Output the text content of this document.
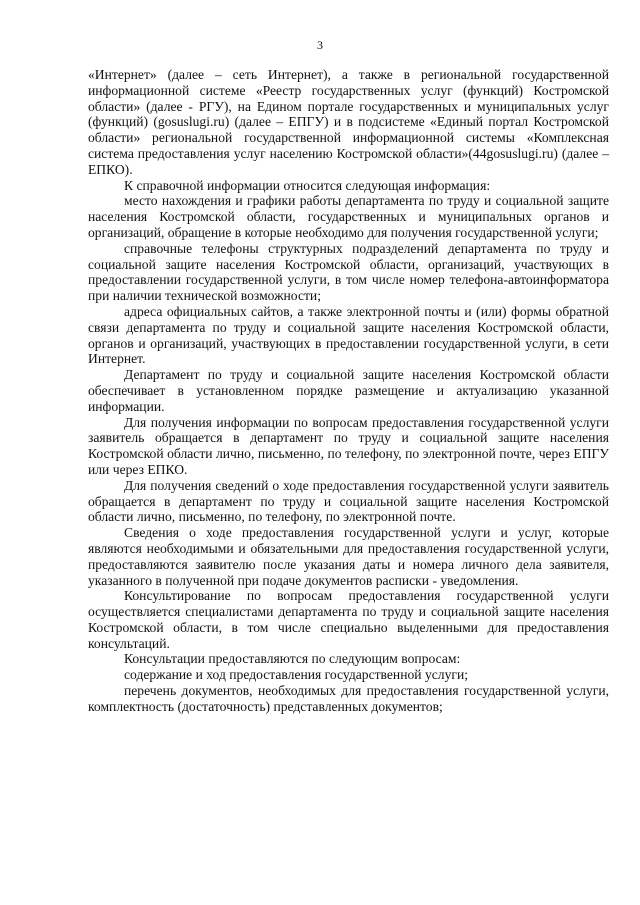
3

«Интернет» (далее – сеть Интернет), а также в региональной государственной информационной системе «Реестр государственных услуг (функций) Костромской области» (далее - РГУ), на Едином портале государственных и муниципальных услуг (функций) (gosuslugi.ru) (далее – ЕПГУ) и в подсистеме «Единый портал Костромской области» региональной государственной информационной системы «Комплексная система предоставления услуг населению Костромской области»(44gosuslugi.ru) (далее – ЕПКО).

К справочной информации относится следующая информация:

место нахождения и графики работы департамента по труду и социальной защите населения Костромской области, государственных и муниципальных органов и организаций, обращение в которые необходимо для получения государственной услуги;

справочные телефоны структурных подразделений департамента по труду и социальной защите населения Костромской области, организаций, участвующих в предоставлении государственной услуги, в том числе номер телефона-автоинформатора при наличии технической возможности;

адреса официальных сайтов, а также электронной почты и (или) формы обратной связи департамента по труду и социальной защите населения Костромской области, органов и организаций, участвующих в предоставлении государственной услуги, в сети Интернет.

Департамент по труду и социальной защите населения Костромской области обеспечивает в установленном порядке размещение и актуализацию указанной информации.

Для получения информации по вопросам предоставления государственной услуги заявитель обращается в департамент по труду и социальной защите населения Костромской области лично, письменно, по телефону, по электронной почте, через ЕПГУ или через ЕПКО.

Для получения сведений о ходе предоставления государственной услуги заявитель обращается в департамент по труду и социальной защите населения Костромской области лично, письменно, по телефону, по электронной почте.

Сведения о ходе предоставления государственной услуги и услуг, которые являются необходимыми и обязательными для предоставления государственной услуги, предоставляются заявителю после указания даты и номера личного дела заявителя, указанного в полученной при подаче документов расписки - уведомления.

Консультирование по вопросам предоставления государственной услуги осуществляется специалистами департамента по труду и социальной защите населения Костромской области, в том числе специально выделенными для предоставления консультаций.

Консультации предоставляются по следующим вопросам:

содержание и ход предоставления государственной услуги;

перечень документов, необходимых для предоставления государственной услуги, комплектность (достаточность) представленных документов;
